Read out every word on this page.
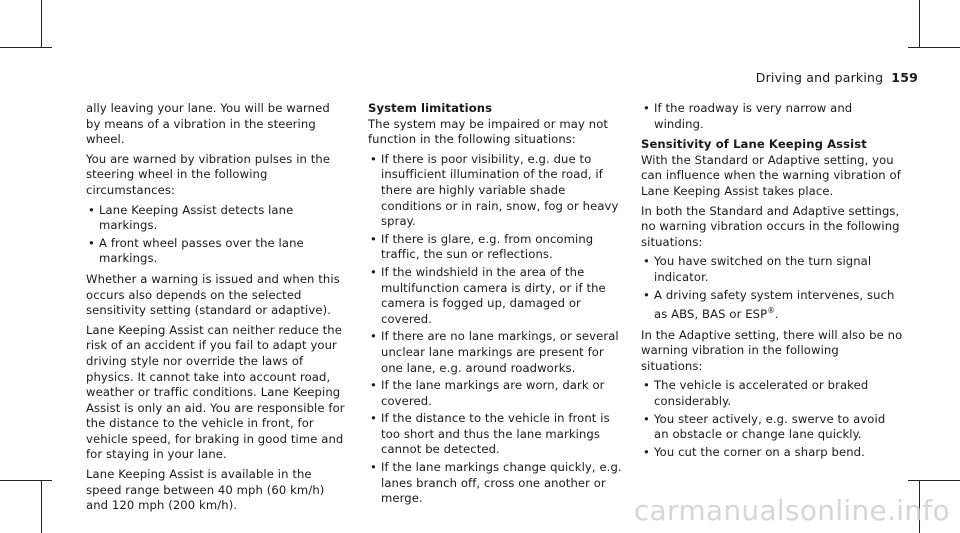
Driving and parking 159

ally leaving your lane. You will be warned by means of a vibration in the steering wheel.

You are warned by vibration pulses in the steering wheel in the following circumstances:

• Lane Keeping Assist detects lane markings.
• A front wheel passes over the lane markings.

Whether a warning is issued and when this occurs also depends on the selected sensitivity setting (standard or adaptive).

Lane Keeping Assist can neither reduce the risk of an accident if you fail to adapt your driving style nor override the laws of physics. It cannot take into account road, weather or traffic conditions. Lane Keeping Assist is only an aid. You are responsible for the distance to the vehicle in front, for vehicle speed, for braking in good time and for staying in your lane.

Lane Keeping Assist is available in the speed range between 40 mph (60 km/h) and 120 mph (200 km/h).

System limitations

The system may be impaired or may not function in the following situations:

• If there is poor visibility, e.g. due to insufficient illumination of the road, if there are highly variable shade conditions or in rain, snow, fog or heavy spray.
• If there is glare, e.g. from oncoming traffic, the sun or reflections.
• If the windshield in the area of the multifunction camera is dirty, or if the camera is fogged up, damaged or covered.
• If there are no lane markings, or several unclear lane markings are present for one lane, e.g. around roadworks.
• If the lane markings are worn, dark or covered.
• If the distance to the vehicle in front is too short and thus the lane markings cannot be detected.
• If the lane markings change quickly, e.g. lanes branch off, cross one another or merge.
• If the roadway is very narrow and winding.
Sensitivity of Lane Keeping Assist

With the Standard or Adaptive setting, you can influence when the warning vibration of Lane Keeping Assist takes place.

In both the Standard and Adaptive settings, no warning vibration occurs in the following situations:

• You have switched on the turn signal indicator.
• A driving safety system intervenes, such as ABS, BAS or ESP®.

In the Adaptive setting, there will also be no warning vibration in the following situations:

• The vehicle is accelerated or braked considerably.
• You steer actively, e.g. swerve to avoid an obstacle or change lane quickly.
• You cut the corner on a sharp bend.
carmanualsonline.info
